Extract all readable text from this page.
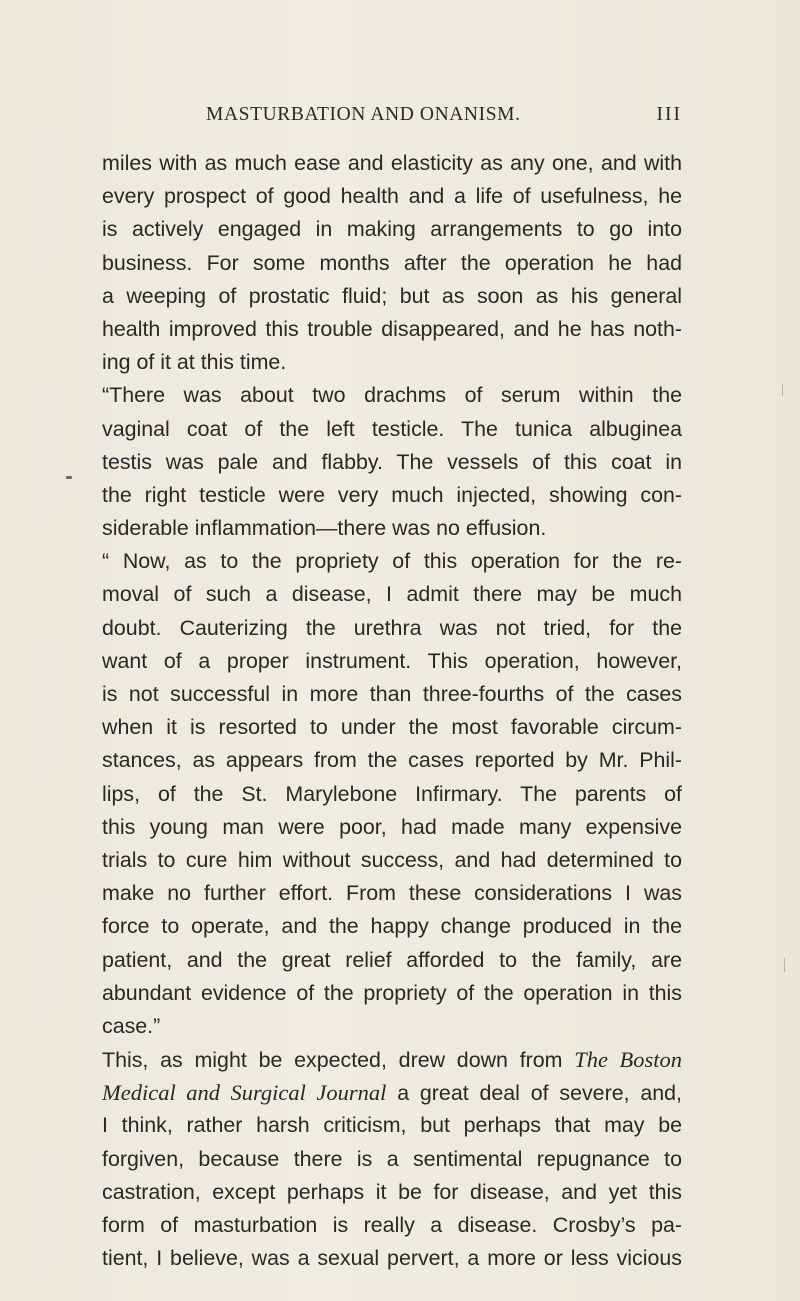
MASTURBATION AND ONANISM.	III
miles with as much ease and elasticity as any one, and with
every prospect of good health and a life of usefulness, he
is actively engaged in making arrangements to go into
business. For some months after the operation he had
a weeping of prostatic fluid; but as soon as his general
health improved this trouble disappeared, and he has noth-
ing of it at this time.
“There was about two drachms of serum within the
vaginal coat of the left testicle. The tunica albuginea
testis was pale and flabby. The vessels of this coat in
the right testicle were very much injected, showing con-
siderable inflammation—there was no effusion.
“ Now, as to the propriety of this operation for the re-
moval of such a disease, I admit there may be much
doubt. Cauterizing the urethra was not tried, for the
want of a proper instrument. This operation, however,
is not successful in more than three-fourths of the cases
when it is resorted to under the most favorable circum-
stances, as appears from the cases reported by Mr. Phil-
lips, of the St. Marylebone Infirmary. The parents of
this young man were poor, had made many expensive
trials to cure him without success, and had determined to
make no further effort. From these considerations I was
force to operate, and the happy change produced in the
patient, and the great relief afforded to the family, are
abundant evidence of the propriety of the operation in this
case.”
This, as might be expected, drew down from The Boston
Medical and Surgical Journal a great deal of severe, and,
I think, rather harsh criticism, but perhaps that may be
forgiven, because there is a sentimental repugnance to
castration, except perhaps it be for disease, and yet this
form of masturbation is really a disease. Crosby’s pa-
tient, I believe, was a sexual pervert, a more or less vicious
